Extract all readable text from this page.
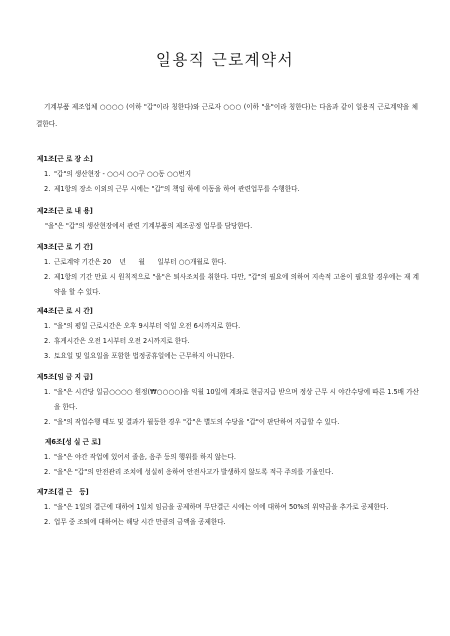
일용직 근로계약서

기계부품 제조업체 ○○○○ (이하 "갑"이라 칭한다)와 근로자 ○○○ (이하 "을"이라 칭한다)는 다음과 같이 일용직 근로계약을 체결한다.

제1조[근 로 장 소]
1. "갑"의 생산현장 - ○○시 ○○구 ○○동 ○○번지
2. 제1항의 장소 이외의 근무 시에는 "갑"의 책임 하에 이동을 하여 관련업무를 수행한다.
제2조[근 로 내 용]

"을"은 "갑"의 생산현장에서 관련 기계부품의 제조공정 업무를 담당한다.

제3조[근 로 기 간]
1. 근로계약 기간은 20    년      월      일부터 ○○개월로 한다.
2. 제1항의 기간 만료 시 원칙적으로 "을"은 퇴사조치를 취한다. 다만, "갑"의 필요에 의하여 지속적 고용이 필요할 경우에는 재 계약을 할 수 있다.
제4조[근 로 시 간]
1. "을"의 평일 근로시간은 오후 9시부터 익일 오전 6시까지로 한다.
2. 휴게시간은 오전 1시부터 오전 2시까지로 한다.
3. 토요일 및 일요일을 포함한 법정공휴일에는 근무하지 아니한다.
제5조[임 금 지 급]
1. "을"은 시간당 일금○○○○ 원정(₩○○○○)을 익월 10일에 계좌로 현금지급 받으며 정상 근무 시 야간수당에 따른 1.5배 가산을 한다.
2. "을"의 작업수행 태도 및 결과가 월등한 경우 "갑"은 별도의 수당을 "갑"이 판단하여 지급할 수 있다.
제6조[성 실 근 로]
1. "을"은 야간 작업에 있어서 졸음, 음주 등의 행위를 하지 않는다.
2. "을"은 "갑"의 안전관리 조치에 성실히 응하여 안전사고가 발생하지 않도록 적극 주의를 기울인다.
제7조[결 근   등]
1. "을"은 1일의 결근에 대하여 1일치 임금을 공제하며 무단결근 시에는 이에 대하여 50%의 위약금을 추가로 공제한다.
2. 업무 중 조퇴에 대하여는 해당 시간 만큼의 금액을 공제한다.
